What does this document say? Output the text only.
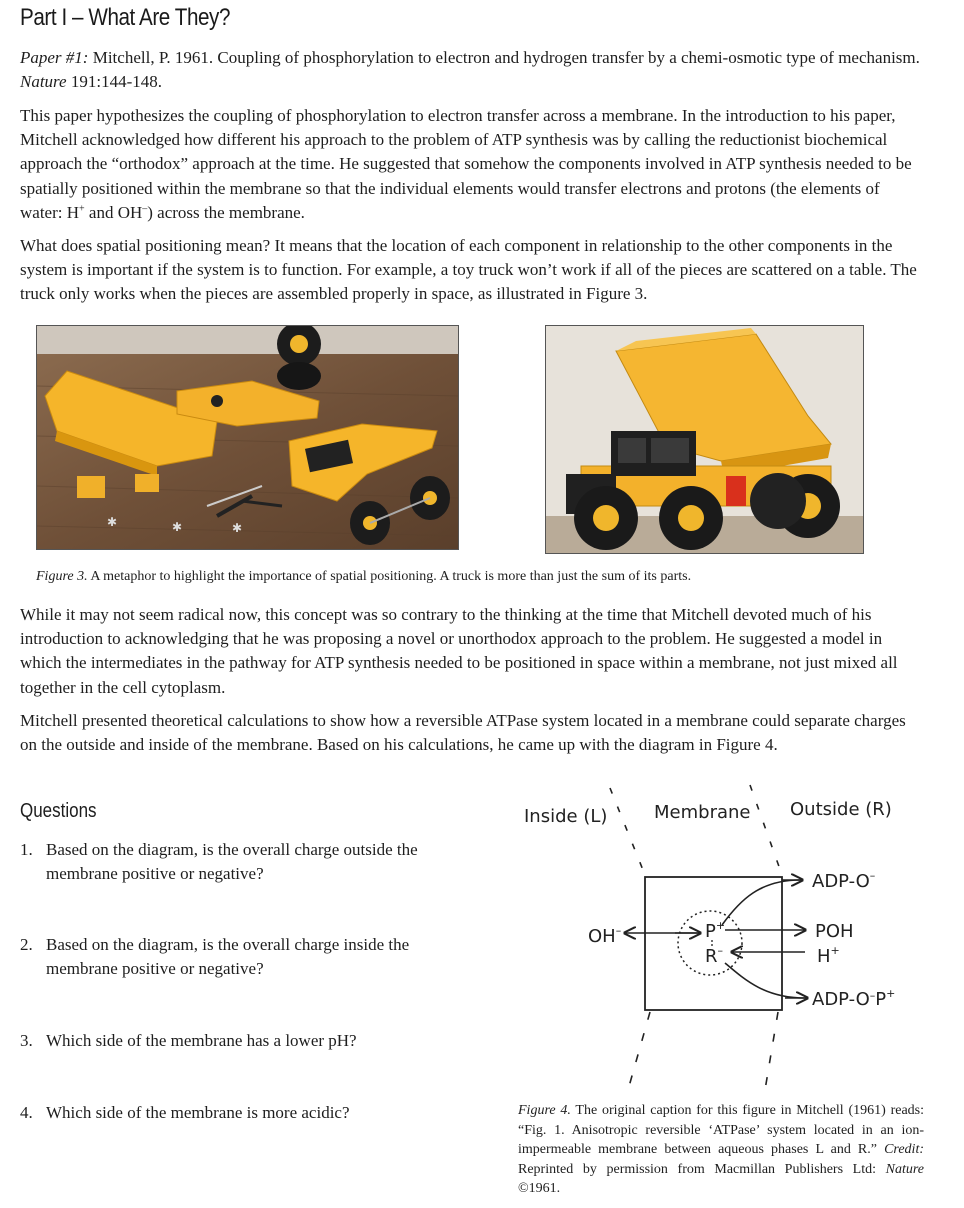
Part I – What Are They?

Paper #1: Mitchell, P. 1961. Coupling of phosphorylation to electron and hydrogen transfer by a chemi-osmotic type of mechanism. Nature 191:144-148.

This paper hypothesizes the coupling of phosphorylation to electron transfer across a membrane. In the introduction to his paper, Mitchell acknowledged how different his approach to the problem of ATP synthesis was by calling the reductionist biochemical approach the “orthodox” approach at the time. He suggested that somehow the components involved in ATP synthesis needed to be spatially positioned within the membrane so that the individual elements would transfer electrons and protons (the elements of water: H+ and OH–) across the membrane.

What does spatial positioning mean? It means that the location of each component in relationship to the other components in the system is important if the system is to function. For example, a toy truck won’t work if all of the pieces are scattered on a table. The truck only works when the pieces are assembled properly in space, as illustrated in Figure 3.

✱	✱	✱
Figure 3. A metaphor to highlight the importance of spatial positioning. A truck is more than just the sum of its parts.

While it may not seem radical now, this concept was so contrary to the thinking at the time that Mitchell devoted much of his introduction to acknowledging that he was proposing a novel or unorthodox approach to the problem. He suggested a model in which the intermediates in the pathway for ATP synthesis needed to be positioned in space within a membrane, not just mixed all together in the cell cytoplasm.

Mitchell presented theoretical calculations to show how a reversible ATPase system located in a membrane could separate charges on the outside and inside of the membrane. Based on his calculations, he came up with the diagram in Figure 4.

Questions
1. Based on the diagram, is the overall charge outside the
membrane positive or negative?
2. Based on the diagram, is the overall charge inside the
membrane positive or negative?
3. Which side of the membrane has a lower pH?
4. Which side of the membrane is more acidic?
Inside (L)	Membrane Outside (R)
P+
R–
OH–
ADP-O–
POH
H+
ADP-O–P+
Figure 4. The original caption for this figure in Mitchell (1961) reads: “Fig. 1. Anisotropic reversible ‘ATPase’ system located in an ion-impermeable membrane between aqueous phases L and R.” Credit: Reprinted by permission from Macmillan Publishers Ltd: Nature ©1961.
